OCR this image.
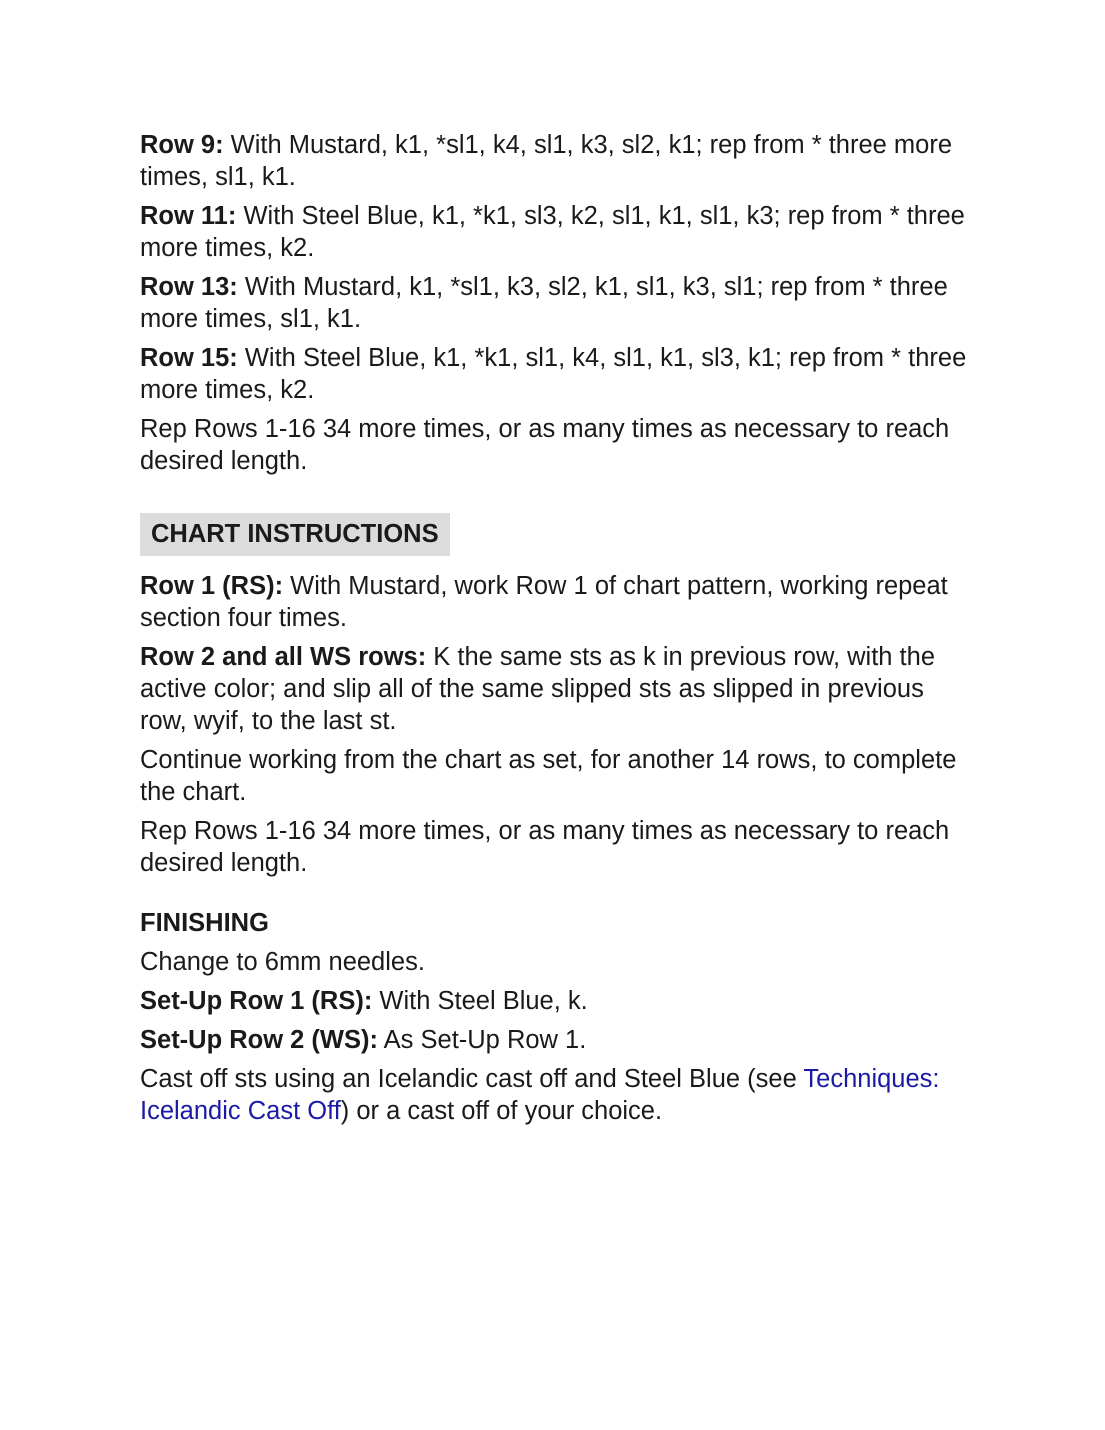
Row 9: With Mustard, k1, *sl1, k4, sl1, k3, sl2, k1; rep from * three more times, sl1, k1.

Row 11: With Steel Blue, k1, *k1, sl3, k2, sl1, k1, sl1, k3; rep from * three more times, k2.

Row 13: With Mustard, k1, *sl1, k3, sl2, k1, sl1, k3, sl1; rep from * three more times, sl1, k1.

Row 15: With Steel Blue, k1, *k1, sl1, k4, sl1, k1, sl3, k1; rep from * three more times, k2.

Rep Rows 1-16 34 more times, or as many times as necessary to reach desired length.

CHART INSTRUCTIONS

Row 1 (RS): With Mustard, work Row 1 of chart pattern, working repeat section four times.

Row 2 and all WS rows: K the same sts as k in previous row, with the active color; and slip all of the same slipped sts as slipped in previous row, wyif, to the last st.

Continue working from the chart as set, for another 14 rows, to complete the chart.

Rep Rows 1-16 34 more times, or as many times as necessary to reach desired length.

FINISHING

Change to 6mm needles.

Set-Up Row 1 (RS): With Steel Blue, k.

Set-Up Row 2 (WS): As Set-Up Row 1.

Cast off sts using an Icelandic cast off and Steel Blue (see Techniques: Icelandic Cast Off) or a cast off of your choice.
